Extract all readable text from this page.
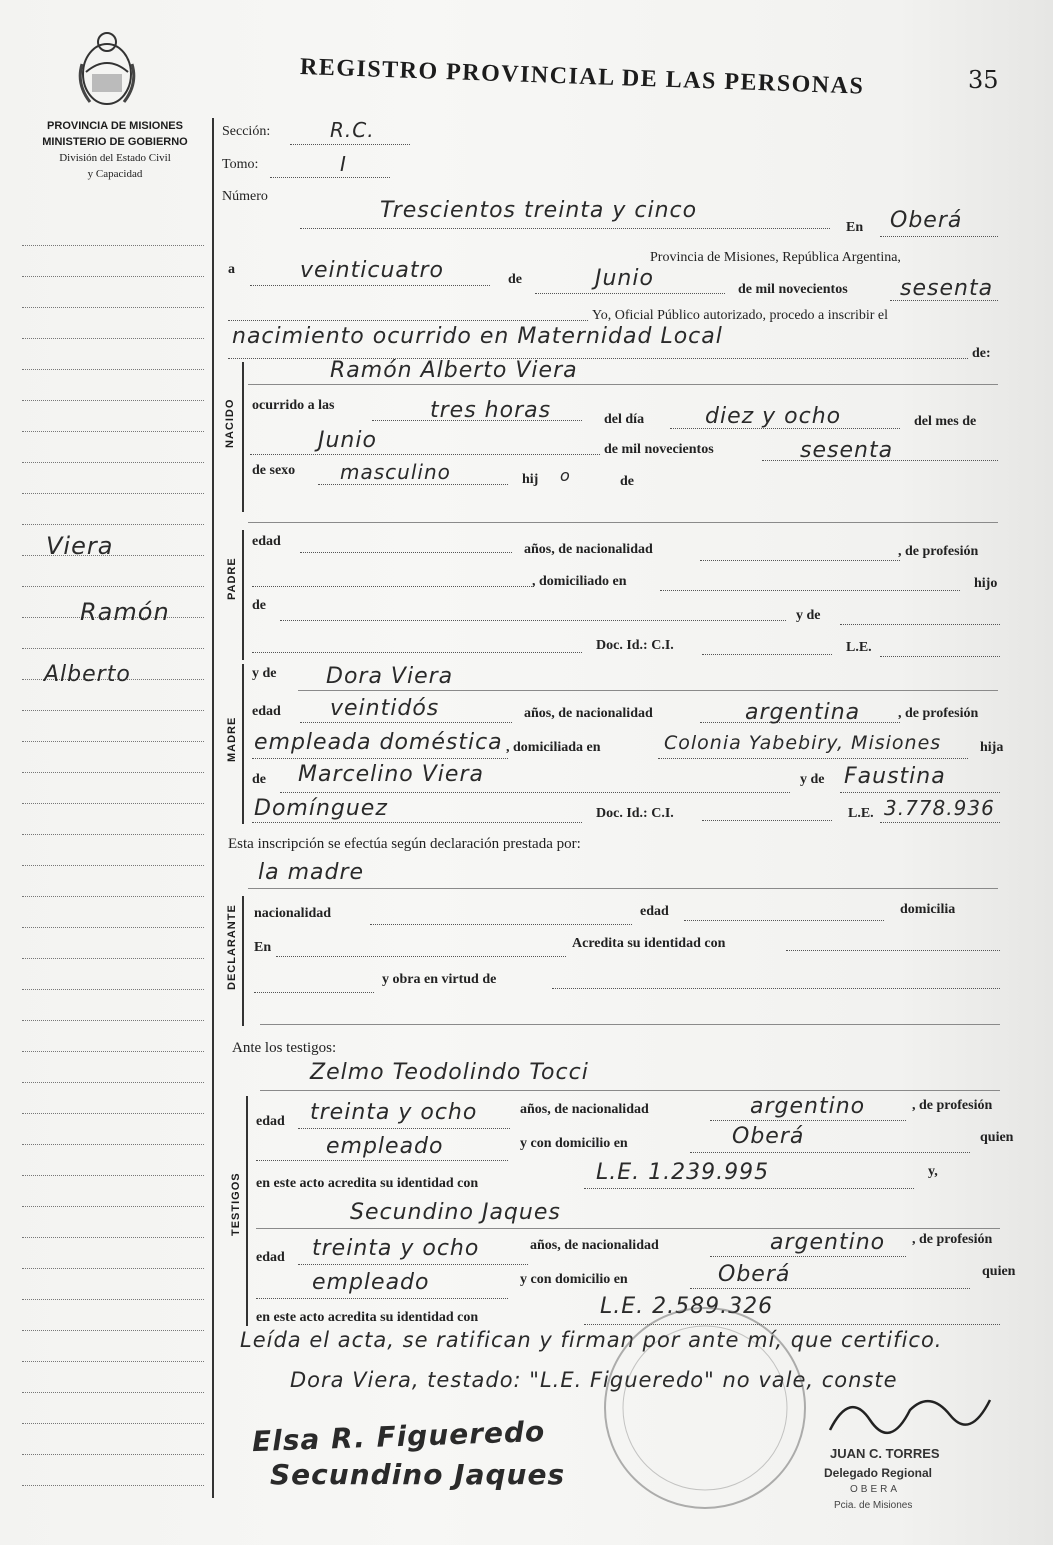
PROVINCIA DE MISIONES
MINISTERIO DE GOBIERNO
División del Estado Civil
y Capacidad
REGISTRO PROVINCIAL DE LAS PERSONAS	35
Viera
Ramón
Alberto
Sección:	R.C.
Tomo:	I
Número
Trescientos treinta y cinco
En Oberá
Provincia de Misiones, República Argentina,
a	veinticuatro	de	Junio	de mil novecientos sesenta
Yo, Oficial Público autorizado, procedo a inscribir el
nacimiento ocurrido en Maternidad Local
de:
NACIDO
Ramón Alberto Viera
ocurrido a las	tres horas	del día	diez y ocho	del mes de
Junio	de mil novecientos	sesenta
de sexo masculino	hij o	de
PADRE
edad
años, de nacionalidad	, de profesión
, domiciliado en	hijo
de
y de
Doc. Id.: C.I.	L.E.
MADRE
y de Dora Viera
edad veintidós	años, de nacionalidad	argentina	, de profesión
empleada doméstica , domiciliada en	Colonia Yabebiry, Misiones	hija
de Marcelino Viera	y de Faustina
Domínguez	Doc. Id.: C.I.	L.E. 3.778.936
Esta inscripción se efectúa según declaración prestada por:
la madre
DECLARANTE nacionalidad	edad	domicilia
En	Acredita su identidad con
y obra en virtud de
Ante los testigos:
Zelmo Teodolindo Tocci
TESTIGOS
edad treinta y ocho	años, de nacionalidad	argentino	, de profesión
empleado	y con domicilio en	Oberá	quien
en este acto acredita su identidad con	L.E. 1.239.995	y,
Secundino Jaques
edad treinta y ocho	años, de nacionalidad	argentino , de profesión
empleado	y con domicilio en	Oberá	quien
en este acto acredita su identidad con	L.E. 2.589.326
Leída el acta, se ratifican y firman por ante mí, que certifico.
Dora Viera, testado: "L.E. Figueredo" no vale, conste
Elsa R. Figueredo
Secundino Jaques
JUAN C. TORRES
Delegado Regional
OBERA
Pcia. de Misiones
